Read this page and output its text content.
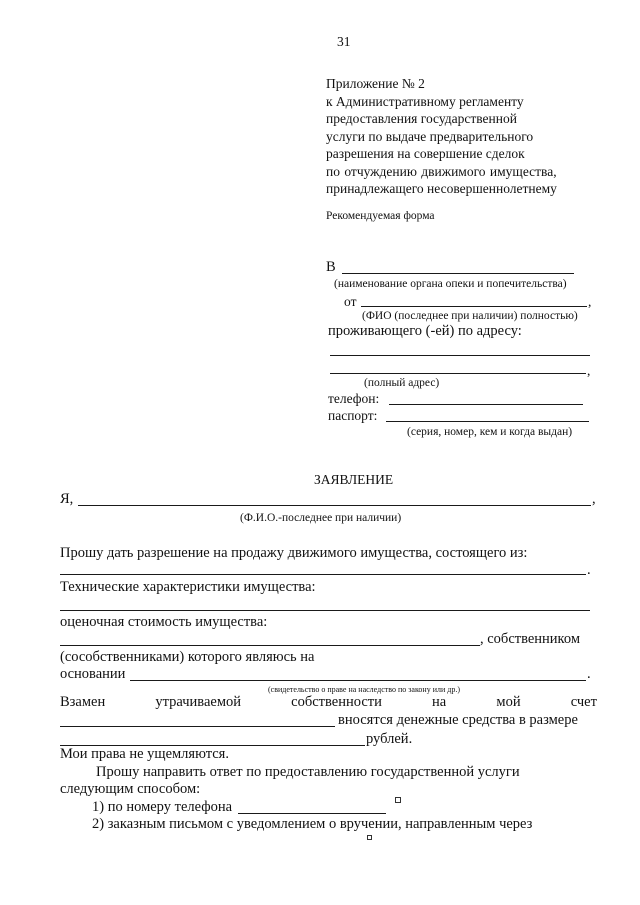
31
Приложение № 2
к Административному регламенту
предоставления государственной
услуги по выдаче предварительного
разрешения на совершение сделок
по отчуждению движимого имущества,
принадлежащего несовершеннолетнему
Рекомендуемая форма
В
(наименование органа опеки и попечительства)
от	,
(ФИО (последнее при наличии) полностью)
проживающего (-ей) по адресу:
,
(полный адрес)
телефон:
паспорт:
(серия, номер, кем и когда выдан)
ЗАЯВЛЕНИЕ
Я,	,
(Ф.И.О.-последнее при наличии)
Прошу дать разрешение на продажу движимого имущества, состоящего из:
.
Технические характеристики имущества:
оценочная стоимость имущества:
, собственником
(сособственниками) которого являюсь на
основании	.
(свидетельство о праве на наследство по закону или др.)
Взамен	утрачиваемой	собственности	на	мой	счет
вносятся денежные средства в размере
рублей.
Мои права не ущемляются.
Прошу направить ответ по предоставлению государственной услуги
следующим способом:
1) по номеру телефона
2) заказным письмом с уведомлением о вручении, направленным через
